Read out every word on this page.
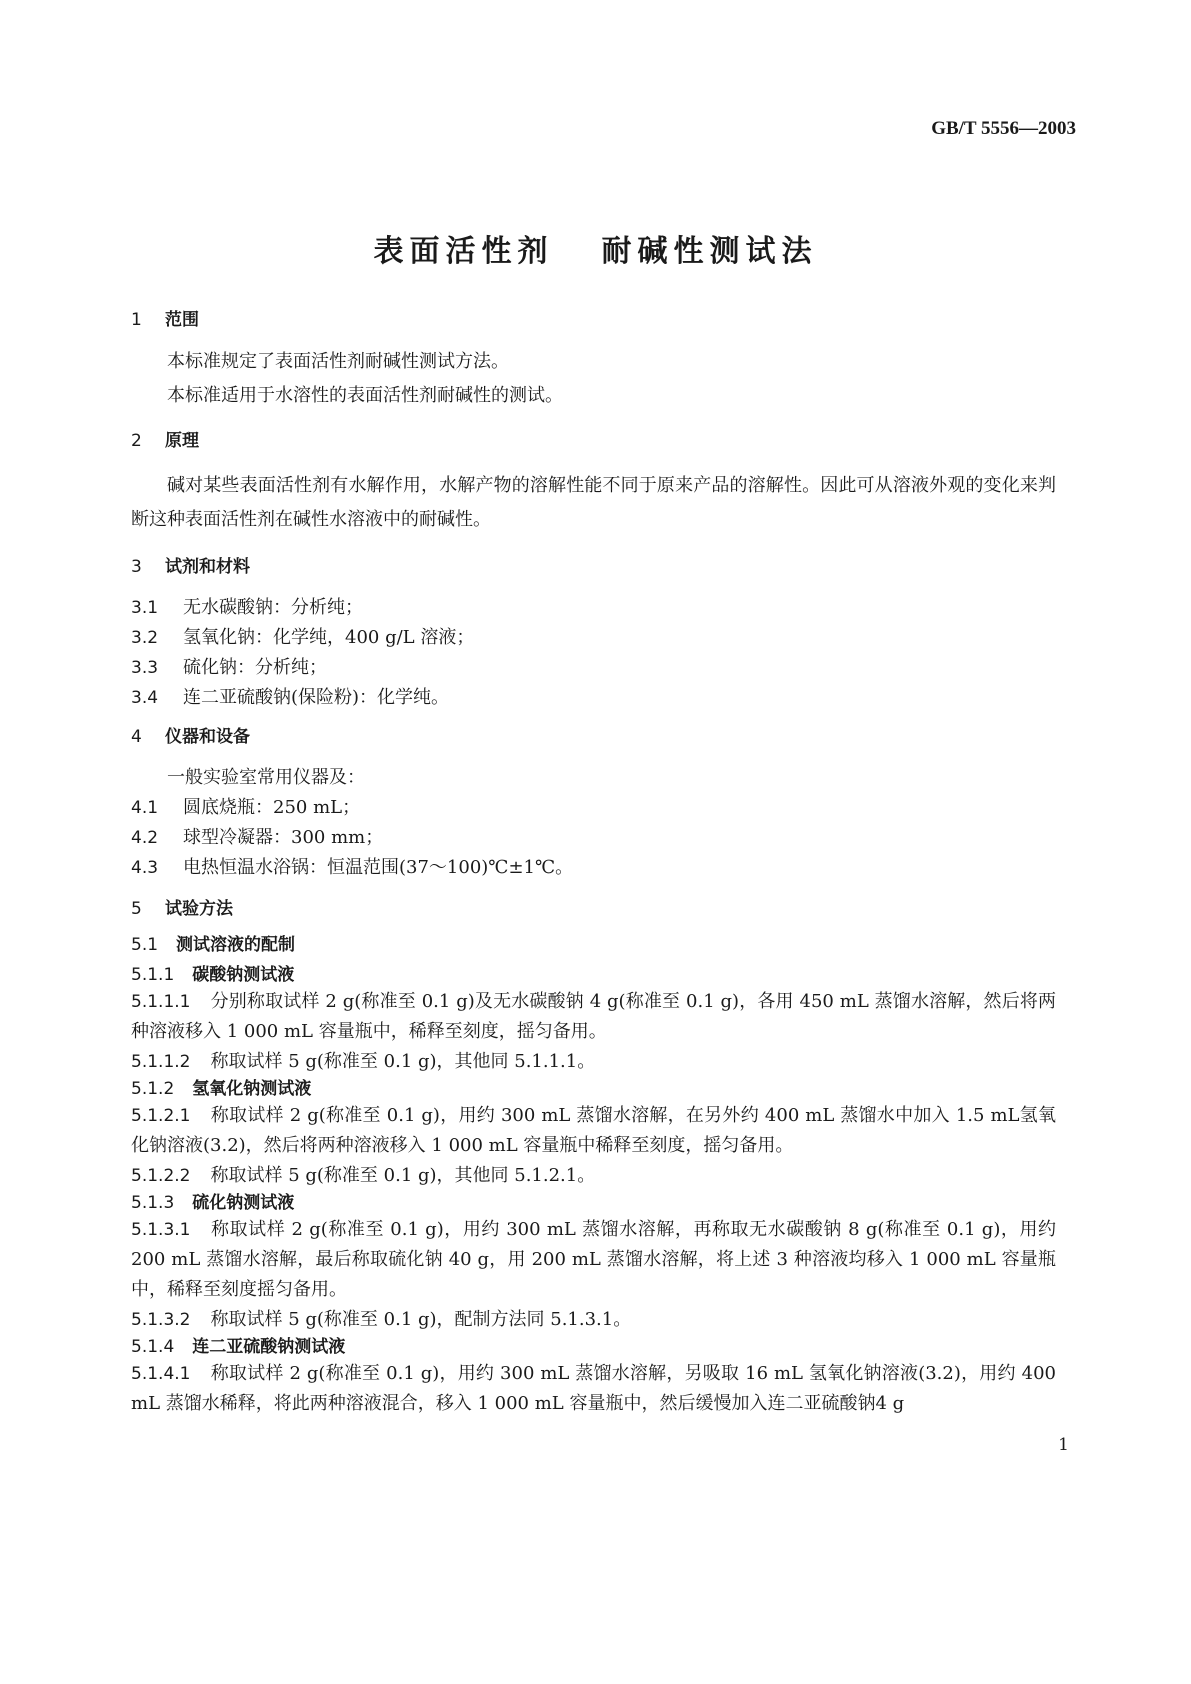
GB/T 5556—2003
表面活性剂 耐碱性测试法
1 范围
本标准规定了表面活性剂耐碱性测试方法。
本标准适用于水溶性的表面活性剂耐碱性的测试。
2 原理
碱对某些表面活性剂有水解作用，水解产物的溶解性能不同于原来产品的溶解性。因此可从溶液外观的变化来判断这种表面活性剂在碱性水溶液中的耐碱性。
3 试剂和材料
3.1 无水碳酸钠：分析纯；
3.2 氢氧化钠：化学纯，400 g/L 溶液；
3.3 硫化钠：分析纯；
3.4 连二亚硫酸钠(保险粉)：化学纯。
4 仪器和设备
一般实验室常用仪器及：
4.1 圆底烧瓶：250 mL；
4.2 球型冷凝器：300 mm；
4.3 电热恒温水浴锅：恒温范围(37～100)℃±1℃。
5 试验方法
5.1 测试溶液的配制
5.1.1 碳酸钠测试液
5.1.1.1 分别称取试样 2 g(称准至 0.1 g)及无水碳酸钠 4 g(称准至 0.1 g)，各用 450 mL 蒸馏水溶解，然后将两种溶液移入 1 000 mL 容量瓶中，稀释至刻度，摇匀备用。
5.1.1.2 称取试样 5 g(称准至 0.1 g)，其他同 5.1.1.1。
5.1.2 氢氧化钠测试液
5.1.2.1 称取试样 2 g(称准至 0.1 g)，用约 300 mL 蒸馏水溶解，在另外约 400 mL 蒸馏水中加入 1.5 mL氢氧化钠溶液(3.2)，然后将两种溶液移入 1 000 mL 容量瓶中稀释至刻度，摇匀备用。
5.1.2.2 称取试样 5 g(称准至 0.1 g)，其他同 5.1.2.1。
5.1.3 硫化钠测试液
5.1.3.1 称取试样 2 g(称准至 0.1 g)，用约 300 mL 蒸馏水溶解，再称取无水碳酸钠 8 g(称准至 0.1 g)，用约 200 mL 蒸馏水溶解，最后称取硫化钠 40 g，用 200 mL 蒸馏水溶解，将上述 3 种溶液均移入 1 000 mL 容量瓶中，稀释至刻度摇匀备用。
5.1.3.2 称取试样 5 g(称准至 0.1 g)，配制方法同 5.1.3.1。
5.1.4 连二亚硫酸钠测试液
5.1.4.1 称取试样 2 g(称准至 0.1 g)，用约 300 mL 蒸馏水溶解，另吸取 16 mL 氢氧化钠溶液(3.2)，用约 400 mL 蒸馏水稀释，将此两种溶液混合，移入 1 000 mL 容量瓶中，然后缓慢加入连二亚硫酸钠4 g
1
